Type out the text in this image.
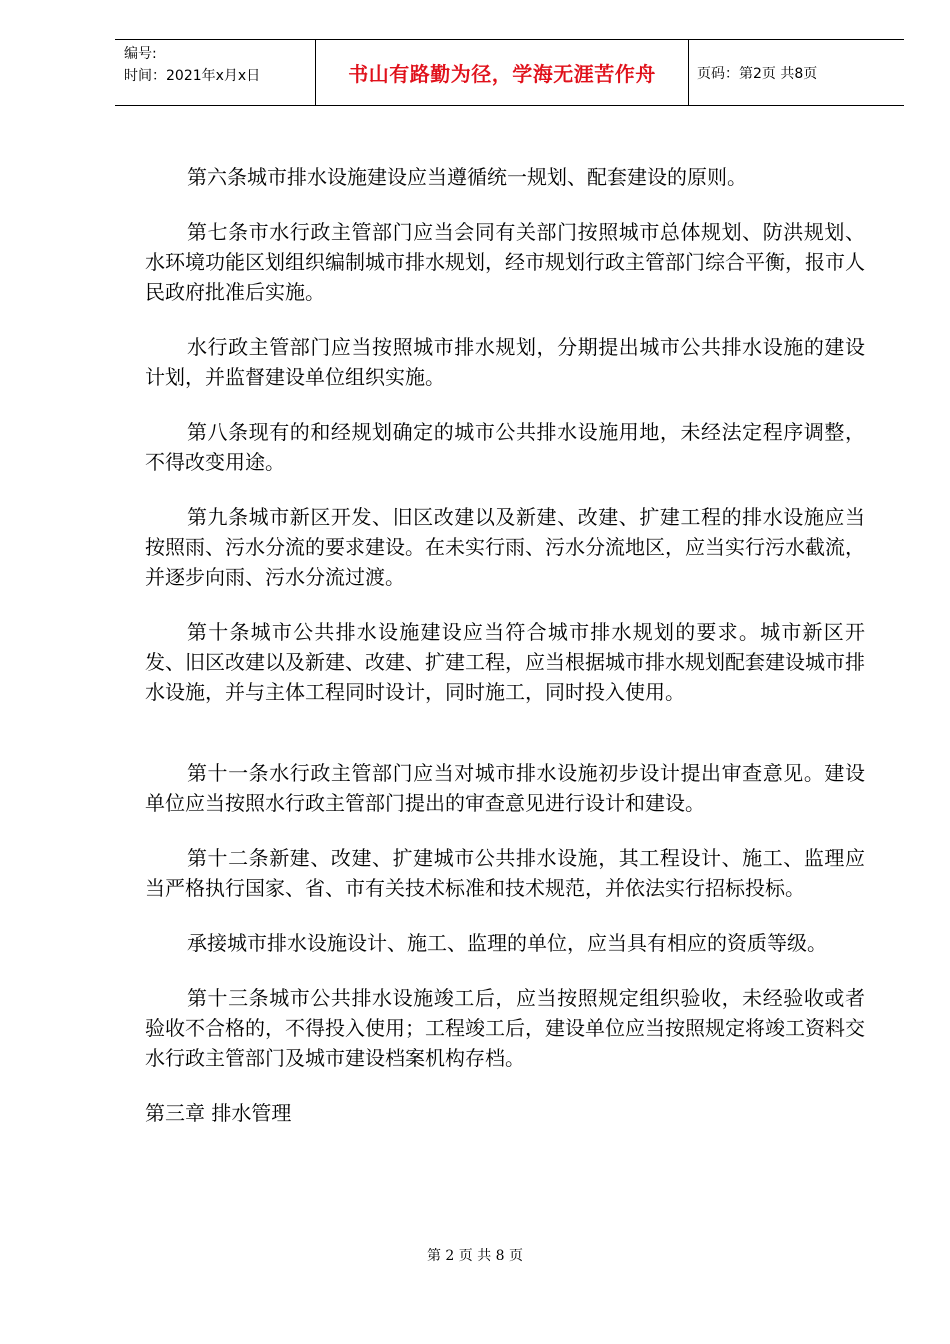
编号:
时间：2021年x月x日	书山有路勤为径，学海无涯苦作舟	页码：第2页 共8页

第六条城市排水设施建设应当遵循统一规划、配套建设的原则。

第七条市水行政主管部门应当会同有关部门按照城市总体规划、防洪规划、水环境功能区划组织编制城市排水规划，经市规划行政主管部门综合平衡，报市人民政府批准后实施。

水行政主管部门应当按照城市排水规划，分期提出城市公共排水设施的建设计划，并监督建设单位组织实施。

第八条现有的和经规划确定的城市公共排水设施用地，未经法定程序调整，不得改变用途。

第九条城市新区开发、旧区改建以及新建、改建、扩建工程的排水设施应当按照雨、污水分流的要求建设。在未实行雨、污水分流地区，应当实行污水截流，并逐步向雨、污水分流过渡。

第十条城市公共排水设施建设应当符合城市排水规划的要求。城市新区开发、旧区改建以及新建、改建、扩建工程，应当根据城市排水规划配套建设城市排水设施，并与主体工程同时设计，同时施工，同时投入使用。

第十一条水行政主管部门应当对城市排水设施初步设计提出审查意见。建设单位应当按照水行政主管部门提出的审查意见进行设计和建设。

第十二条新建、改建、扩建城市公共排水设施，其工程设计、施工、监理应当严格执行国家、省、市有关技术标准和技术规范，并依法实行招标投标。

承接城市排水设施设计、施工、监理的单位，应当具有相应的资质等级。

第十三条城市公共排水设施竣工后，应当按照规定组织验收，未经验收或者验收不合格的，不得投入使用；工程竣工后，建设单位应当按照规定将竣工资料交水行政主管部门及城市建设档案机构存档。

第三章 排水管理

第 2 页 共 8 页
